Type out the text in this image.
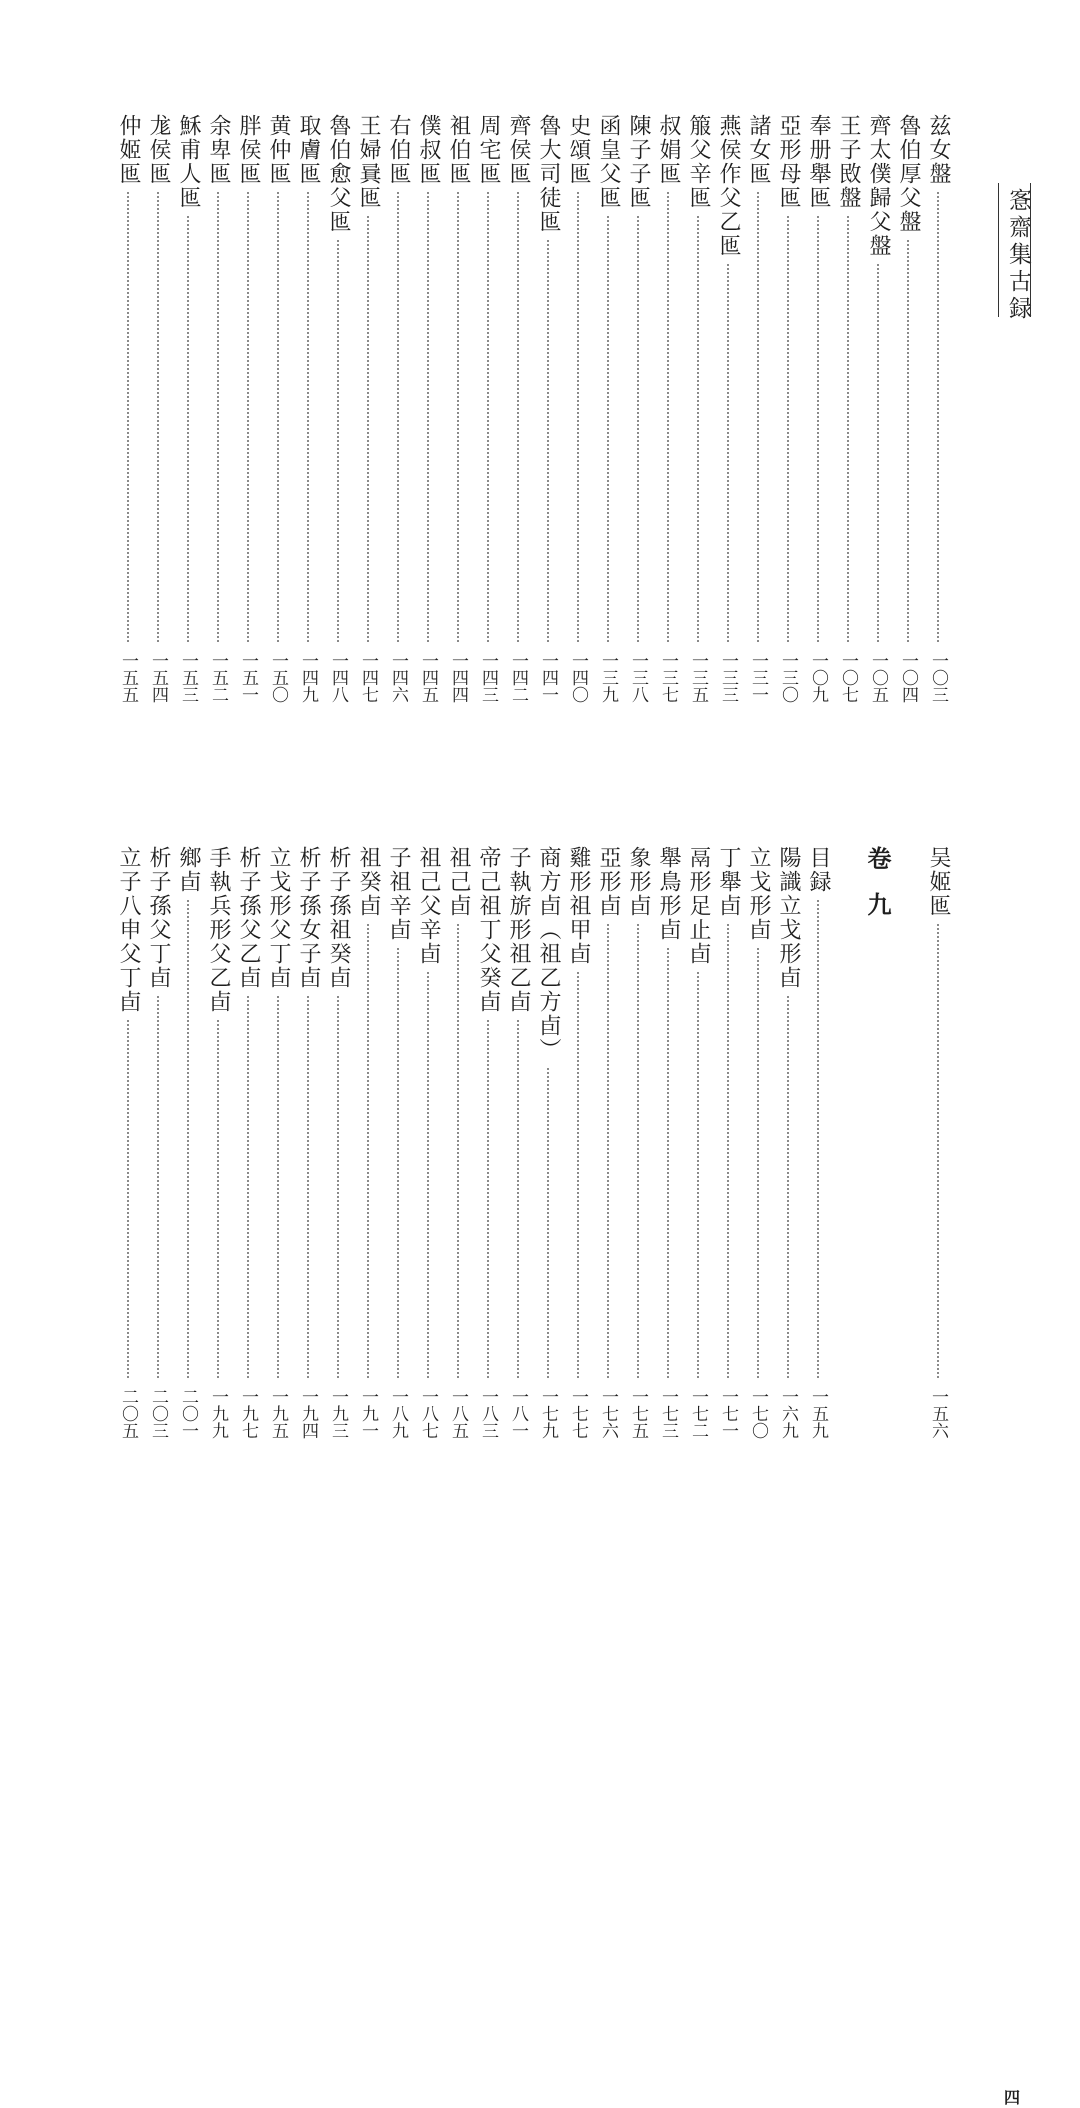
愙齋集古録
兹女盤
一〇三
魯伯厚父盤
一〇四
齊太僕歸父盤
一〇五
王子敃盤
一〇七
奉册舉匜
一〇九
亞形母匜
一三〇
諸女匜
一三一
燕侯作父乙匜
一三三
箙父辛匜
一三五
叔娟匜
一三七
陳子子匜
一三八
函皇父匜
一三九
史頌匜
一四〇
魯大司徒匜
一四一
齊侯匜
一四二
周宅匜
一四三
袓伯匜
一四四
僕叔匜
一四五
右伯匜
一四六
王婦㠱匜
一四七
魯伯愈父匜
一四八
取膚匜
一四九
黄仲匜
一五〇
胖侯匜
一五一
余卑匜
一五二
穌甫人匜
一五三
尨侯匜
一五四
仲姬匜
一五五
卷九 吴姬匜
一五六
目録
一五九
陽識立戈形卣
一六九
立戈形卣
一七〇
丁舉卣
一七一
鬲形足止卣
一七二
舉鳥形卣
一七三
象形卣
一七五
亞形卣
一七六
雞形祖甲卣
一七七
商方卣（祖乙方卣）
一七九
子執旂形祖乙卣
一八一
帝己祖丁父癸卣
一八三
祖己卣
一八五
祖己父辛卣
一八七
子祖辛卣
一八九
祖癸卣
一九一
析子孫祖癸卣
一九三
析子孫女子卣
一九四
立戈形父丁卣
一九五
析子孫父乙卣
一九七
手執兵形父乙卣
一九九
鄉卣
二〇一
析子孫父丁卣
二〇三
立子八申父丁卣
二〇五
四
